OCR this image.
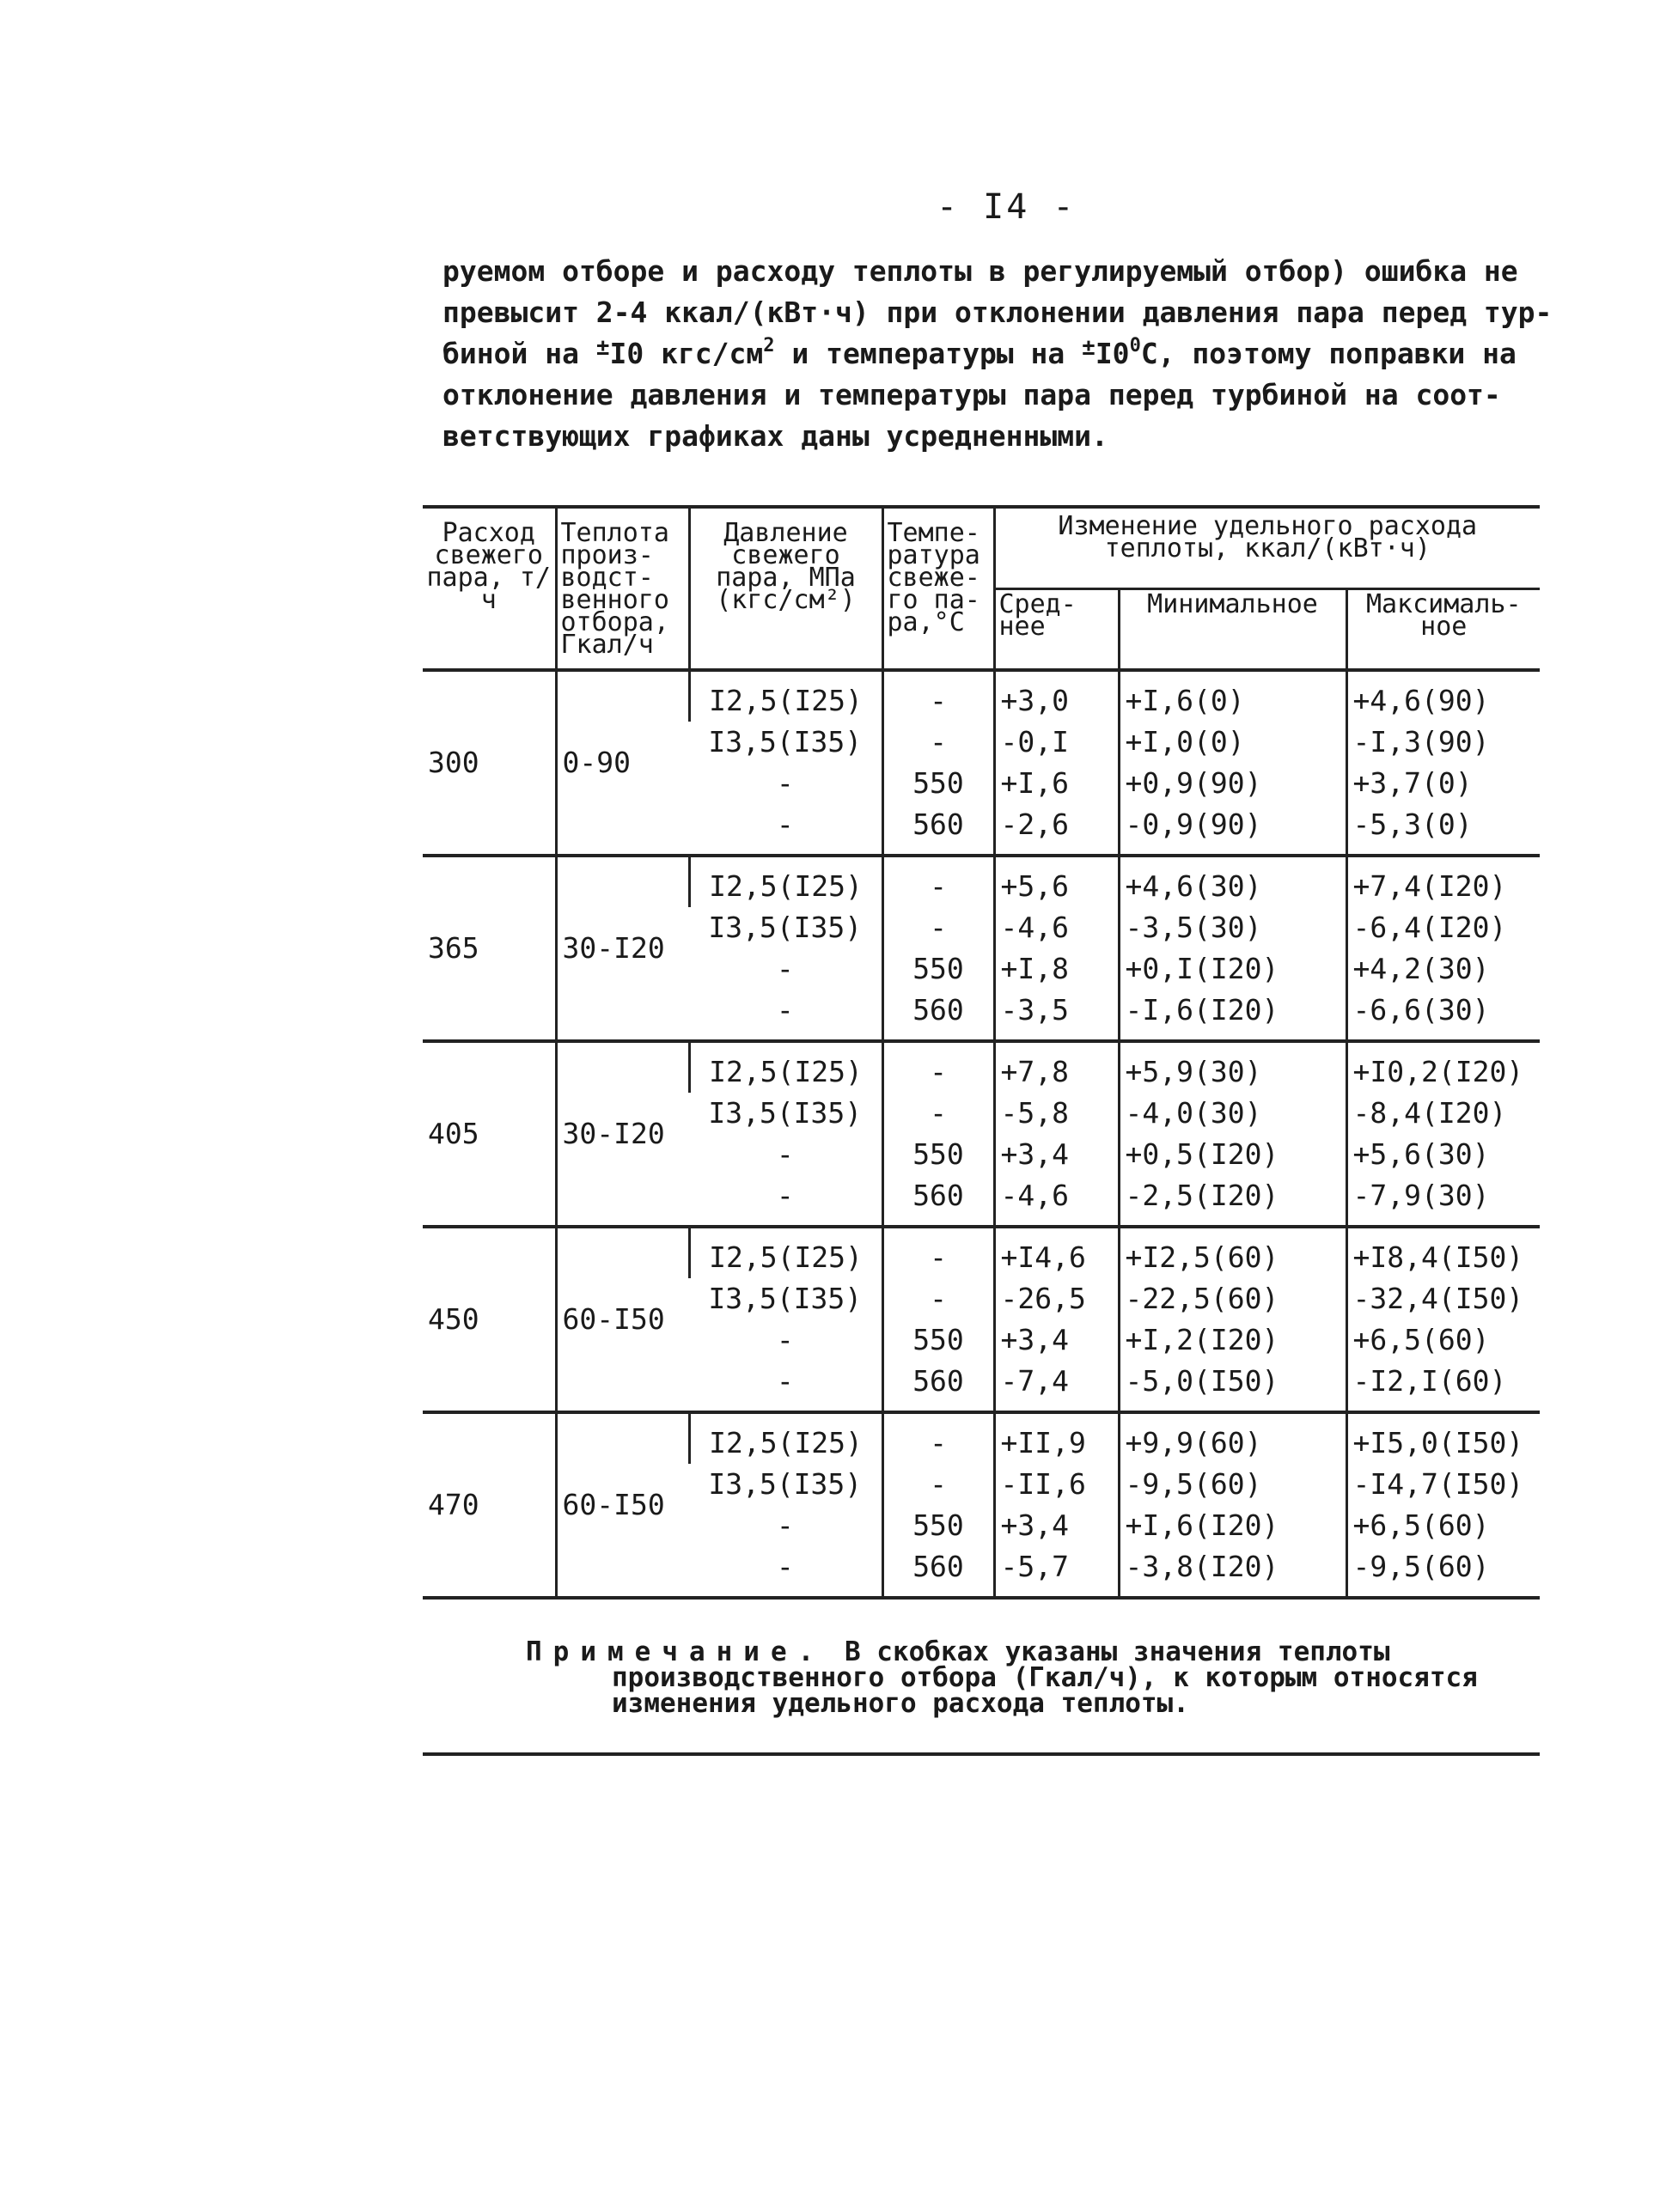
- I4 -
руемом отборе и расходу теплоты в регулируемый отбор) ошибка не
превысит 2-4 ккал/(кВт·ч) при отклонении давления пара перед тур-
биной на ±I0 кгс/$см^2$ и температуры на $^\pm I0^0С$, поэтому поправки на
отклонение давления и температуры пара перед турбиной на соот-
ветствующих графиках даны усредненными.
Расход свежего пара, т/ч	Теплота произ-водст-венного отбора, Гкал/ч	Давление свежего пара, МПа (кгс/см²)	Темпе-ратура свеже-го па-ра,°С	Изменение удельного расхода теплоты, ккал/(кВт·ч)		
				Сред-нее	Минимальное	Максималь-ное
300	0-90	I2,5(I25)	-	+3,0	+I,6(0)	+4,6(90)
		I3,5(I35)	-	-0,I	+I,0(0)	-I,3(90)
		-	550	+I,6	+0,9(90)	+3,7(0)
		-	560	-2,6	-0,9(90)	-5,3(0)
365	30-I20	I2,5(I25)	-	+5,6	+4,6(30)	+7,4(I20)
		I3,5(I35)	-	-4,6	-3,5(30)	-6,4(I20)
		-	550	+I,8	+0,I(I20)	+4,2(30)
		-	560	-3,5	-I,6(I20)	-6,6(30)
405	30-I20	I2,5(I25)	-	+7,8	+5,9(30)	+I0,2(I20)
		I3,5(I35)	-	-5,8	-4,0(30)	-8,4(I20)
		-	550	+3,4	+0,5(I20)	+5,6(30)
		-	560	-4,6	-2,5(I20)	-7,9(30)
450	60-I50	I2,5(I25)	-	+I4,6	+I2,5(60)	+I8,4(I50)
		I3,5(I35)	-	-26,5	-22,5(60)	-32,4(I50)
		-	550	+3,4	+I,2(I20)	+6,5(60)
		-	560	-7,4	-5,0(I50)	-I2,I(60)
470	60-I50	I2,5(I25)	-	+II,9	+9,9(60)	+I5,0(I50)
		I3,5(I35)	-	-II,6	-9,5(60)	-I4,7(I50)
		-	550	+3,4	+I,6(I20)	+6,5(60)
		-	560	-5,7	-3,8(I20)	-9,5(60)
Примечание. В скобках указаны значения теплоты
производственного отбора (Гкал/ч), к которым относятся
изменения удельного расхода теплоты.
